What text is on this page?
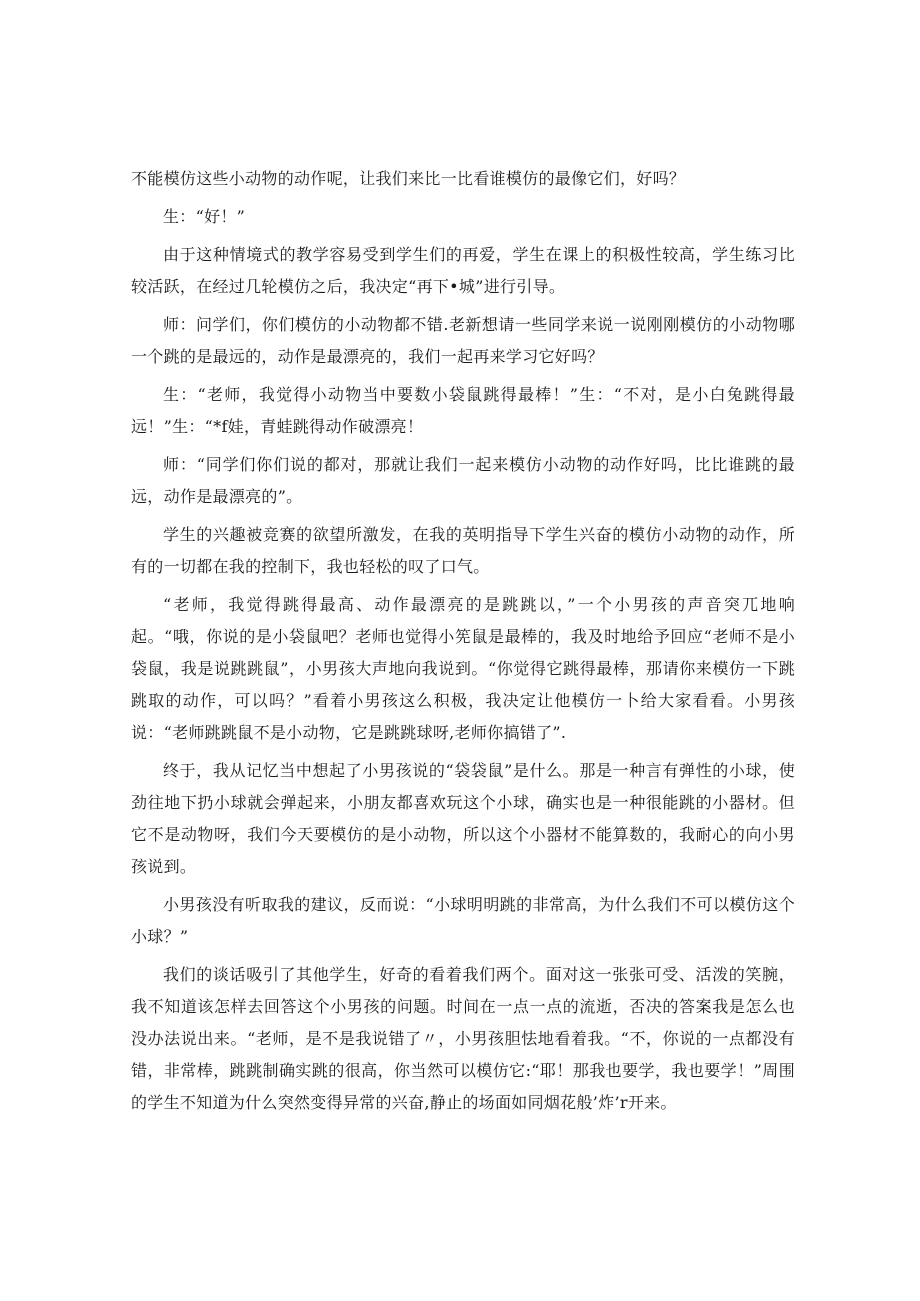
不能模仿这些小动物的动作呢，让我们来比一比看谁模仿的最像它们，好吗？

生：“好！”

由于这种情境式的教学容易受到学生们的再爱，学生在课上的积极性较高，学生练习比较活跃，在经过几轮模仿之后，我决定“再下•城”进行引导。

师：问学们，你们模仿的小动物都不错.老新想请一些同学来说一说刚刚模仿的小动物哪一个跳的是最远的，动作是最漂亮的，我们一起再来学习它好吗？

生：“老师，我觉得小动物当中要数小袋鼠跳得最棒！”生：“不对，是小白兔跳得最远！”生：“*f娃，青蛙跳得动作破漂亮！

师：“同学们你们说的都对，那就让我们一起来模仿小动物的动作好吗，比比谁跳的最远，动作是最漂亮的”。

学生的兴趣被竞赛的欲望所激发，在我的英明指导下学生兴奋的模仿小动物的动作，所有的一切都在我的控制下，我也轻松的叹了口气。

“老师，我觉得跳得最高、动作最漂亮的是跳跳以，”一个小男孩的声音突兀地响起。“哦，你说的是小袋鼠吧？老师也觉得小筅鼠是最棒的，我及时地给予回应“老师不是小袋鼠，我是说跳跳鼠”，小男孩大声地向我说到。“你觉得它跳得最棒，那请你来模仿一下跳跳取的动作，可以吗？”看着小男孩这么积极，我决定让他模仿一卜给大家看看。小男孩说：“老师跳跳鼠不是小动物，它是跳跳球呀,老师你搞错了”.

终于，我从记忆当中想起了小男孩说的“袋袋鼠”是什么。那是一种言有弹性的小球，使劲往地下扔小球就会弹起来，小朋友都喜欢玩这个小球，确实也是一种很能跳的小器材。但它不是动物呀，我们今天要模仿的是小动物，所以这个小器材不能算数的，我耐心的向小男孩说到。

小男孩没有听取我的建议，反而说：“小球明明跳的非常高，为什么我们不可以模仿这个小球？”

我们的谈话吸引了其他学生，好奇的看着我们两个。面对这一张张可受、活泼的笑腕，我不知道该怎样去回答这个小男孩的问题。时间在一点一点的流逝，否决的答案我是怎么也没办法说出来。“老师，是不是我说错了〃，小男孩胆怯地看着我。“不，你说的一点都没有错，非常棒，跳跳制确实跳的很高，你当然可以模仿它:“耶！那我也要学，我也要学！”周围的学生不知道为什么突然变得异常的兴奋,静止的场面如同烟花般’炸’r开来。
